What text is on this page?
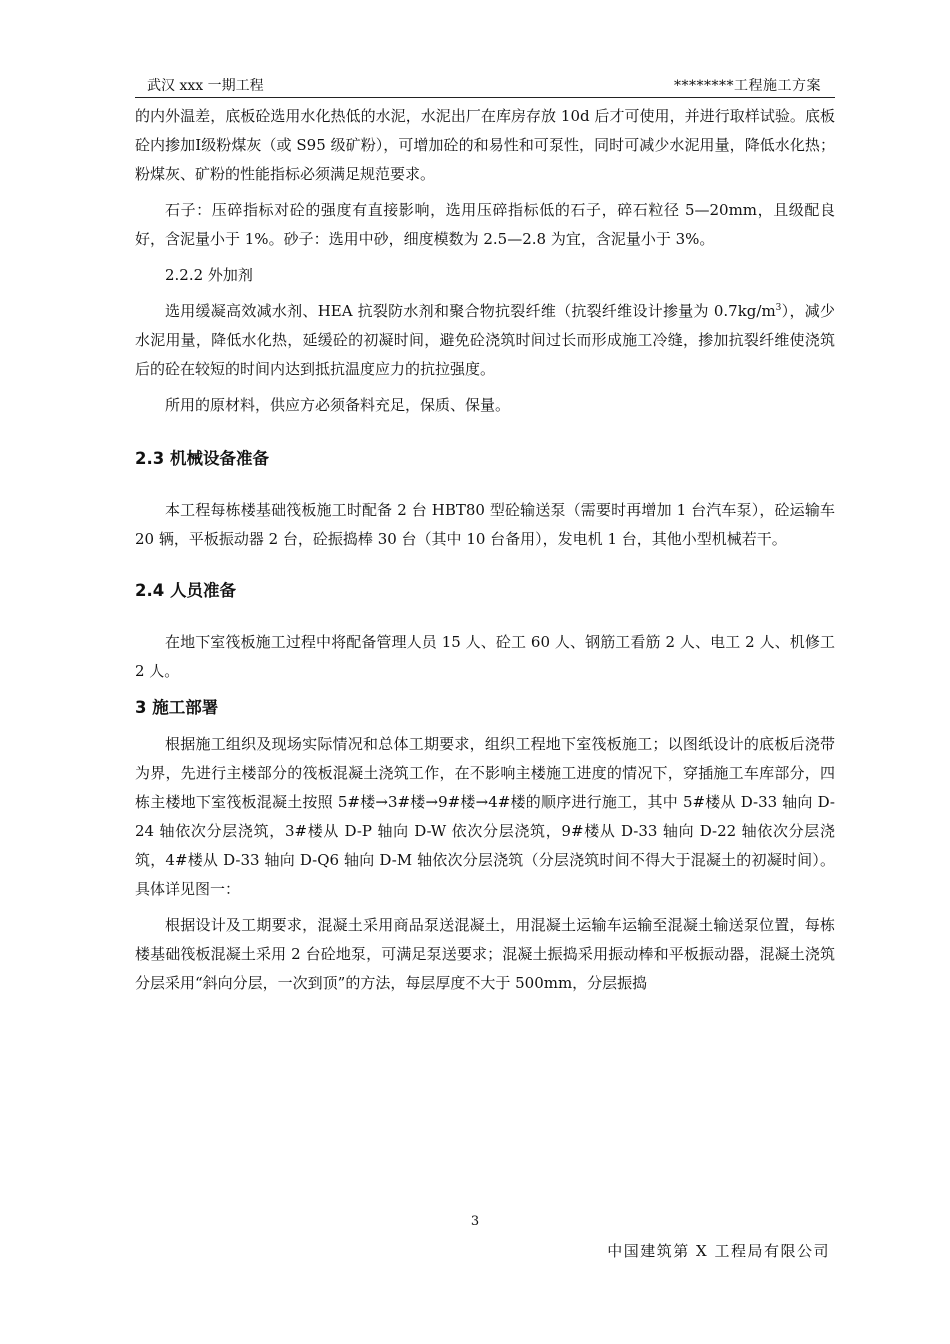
武汉 xxx 一期工程	********工程施工方案

的内外温差，底板砼选用水化热低的水泥，水泥出厂在库房存放 10d 后才可使用，并进行取样试验。底板砼内掺加Ⅰ级粉煤灰（或 S95 级矿粉），可增加砼的和易性和可泵性，同时可减少水泥用量，降低水化热；粉煤灰、矿粉的性能指标必须满足规范要求。

石子：压碎指标对砼的强度有直接影响，选用压碎指标低的石子，碎石粒径 5—20mm，且级配良好，含泥量小于 1%。砂子：选用中砂，细度模数为 2.5—2.8 为宜，含泥量小于 3%。

2.2.2 外加剂

选用缓凝高效减水剂、HEA 抗裂防水剂和聚合物抗裂纤维（抗裂纤维设计掺量为 $0.7kg/m^3$），减少水泥用量，降低水化热，延缓砼的初凝时间，避免砼浇筑时间过长而形成施工冷缝，掺加抗裂纤维使浇筑后的砼在较短的时间内达到抵抗温度应力的抗拉强度。

所用的原材料，供应方必须备料充足，保质、保量。

2.3 机械设备准备

本工程每栋楼基础筏板施工时配备 2 台 HBT80 型砼输送泵（需要时再增加 1 台汽车泵），砼运输车 20 辆，平板振动器 2 台，砼振捣棒 30 台（其中 10 台备用），发电机 1 台，其他小型机械若干。

2.4 人员准备

在地下室筏板施工过程中将配备管理人员 15 人、砼工 60 人、钢筋工看筋 2 人、电工 2 人、机修工 2 人。

3 施工部署

根据施工组织及现场实际情况和总体工期要求，组织工程地下室筏板施工；以图纸设计的底板后浇带为界，先进行主楼部分的筏板混凝土浇筑工作，在不影响主楼施工进度的情况下，穿插施工车库部分，四栋主楼地下室筏板混凝土按照 5#楼→3#楼→9#楼→4#楼的顺序进行施工，其中 5#楼从 D-33 轴向 D-24 轴依次分层浇筑，3#楼从 D-P 轴向 D-W 依次分层浇筑，9#楼从 D-33 轴向 D-22 轴依次分层浇筑，4#楼从 D-33 轴向 D-Q6 轴向 D-M 轴依次分层浇筑（分层浇筑时间不得大于混凝土的初凝时间）。具体详见图一：

根据设计及工期要求，混凝土采用商品泵送混凝土，用混凝土运输车运输至混凝土输送泵位置，每栋楼基础筏板混凝土采用 2 台砼地泵，可满足泵送要求；混凝土振捣采用振动棒和平板振动器，混凝土浇筑分层采用“斜向分层，一次到顶”的方法，每层厚度不大于 500mm，分层振捣

3
中国建筑第 X 工程局有限公司
